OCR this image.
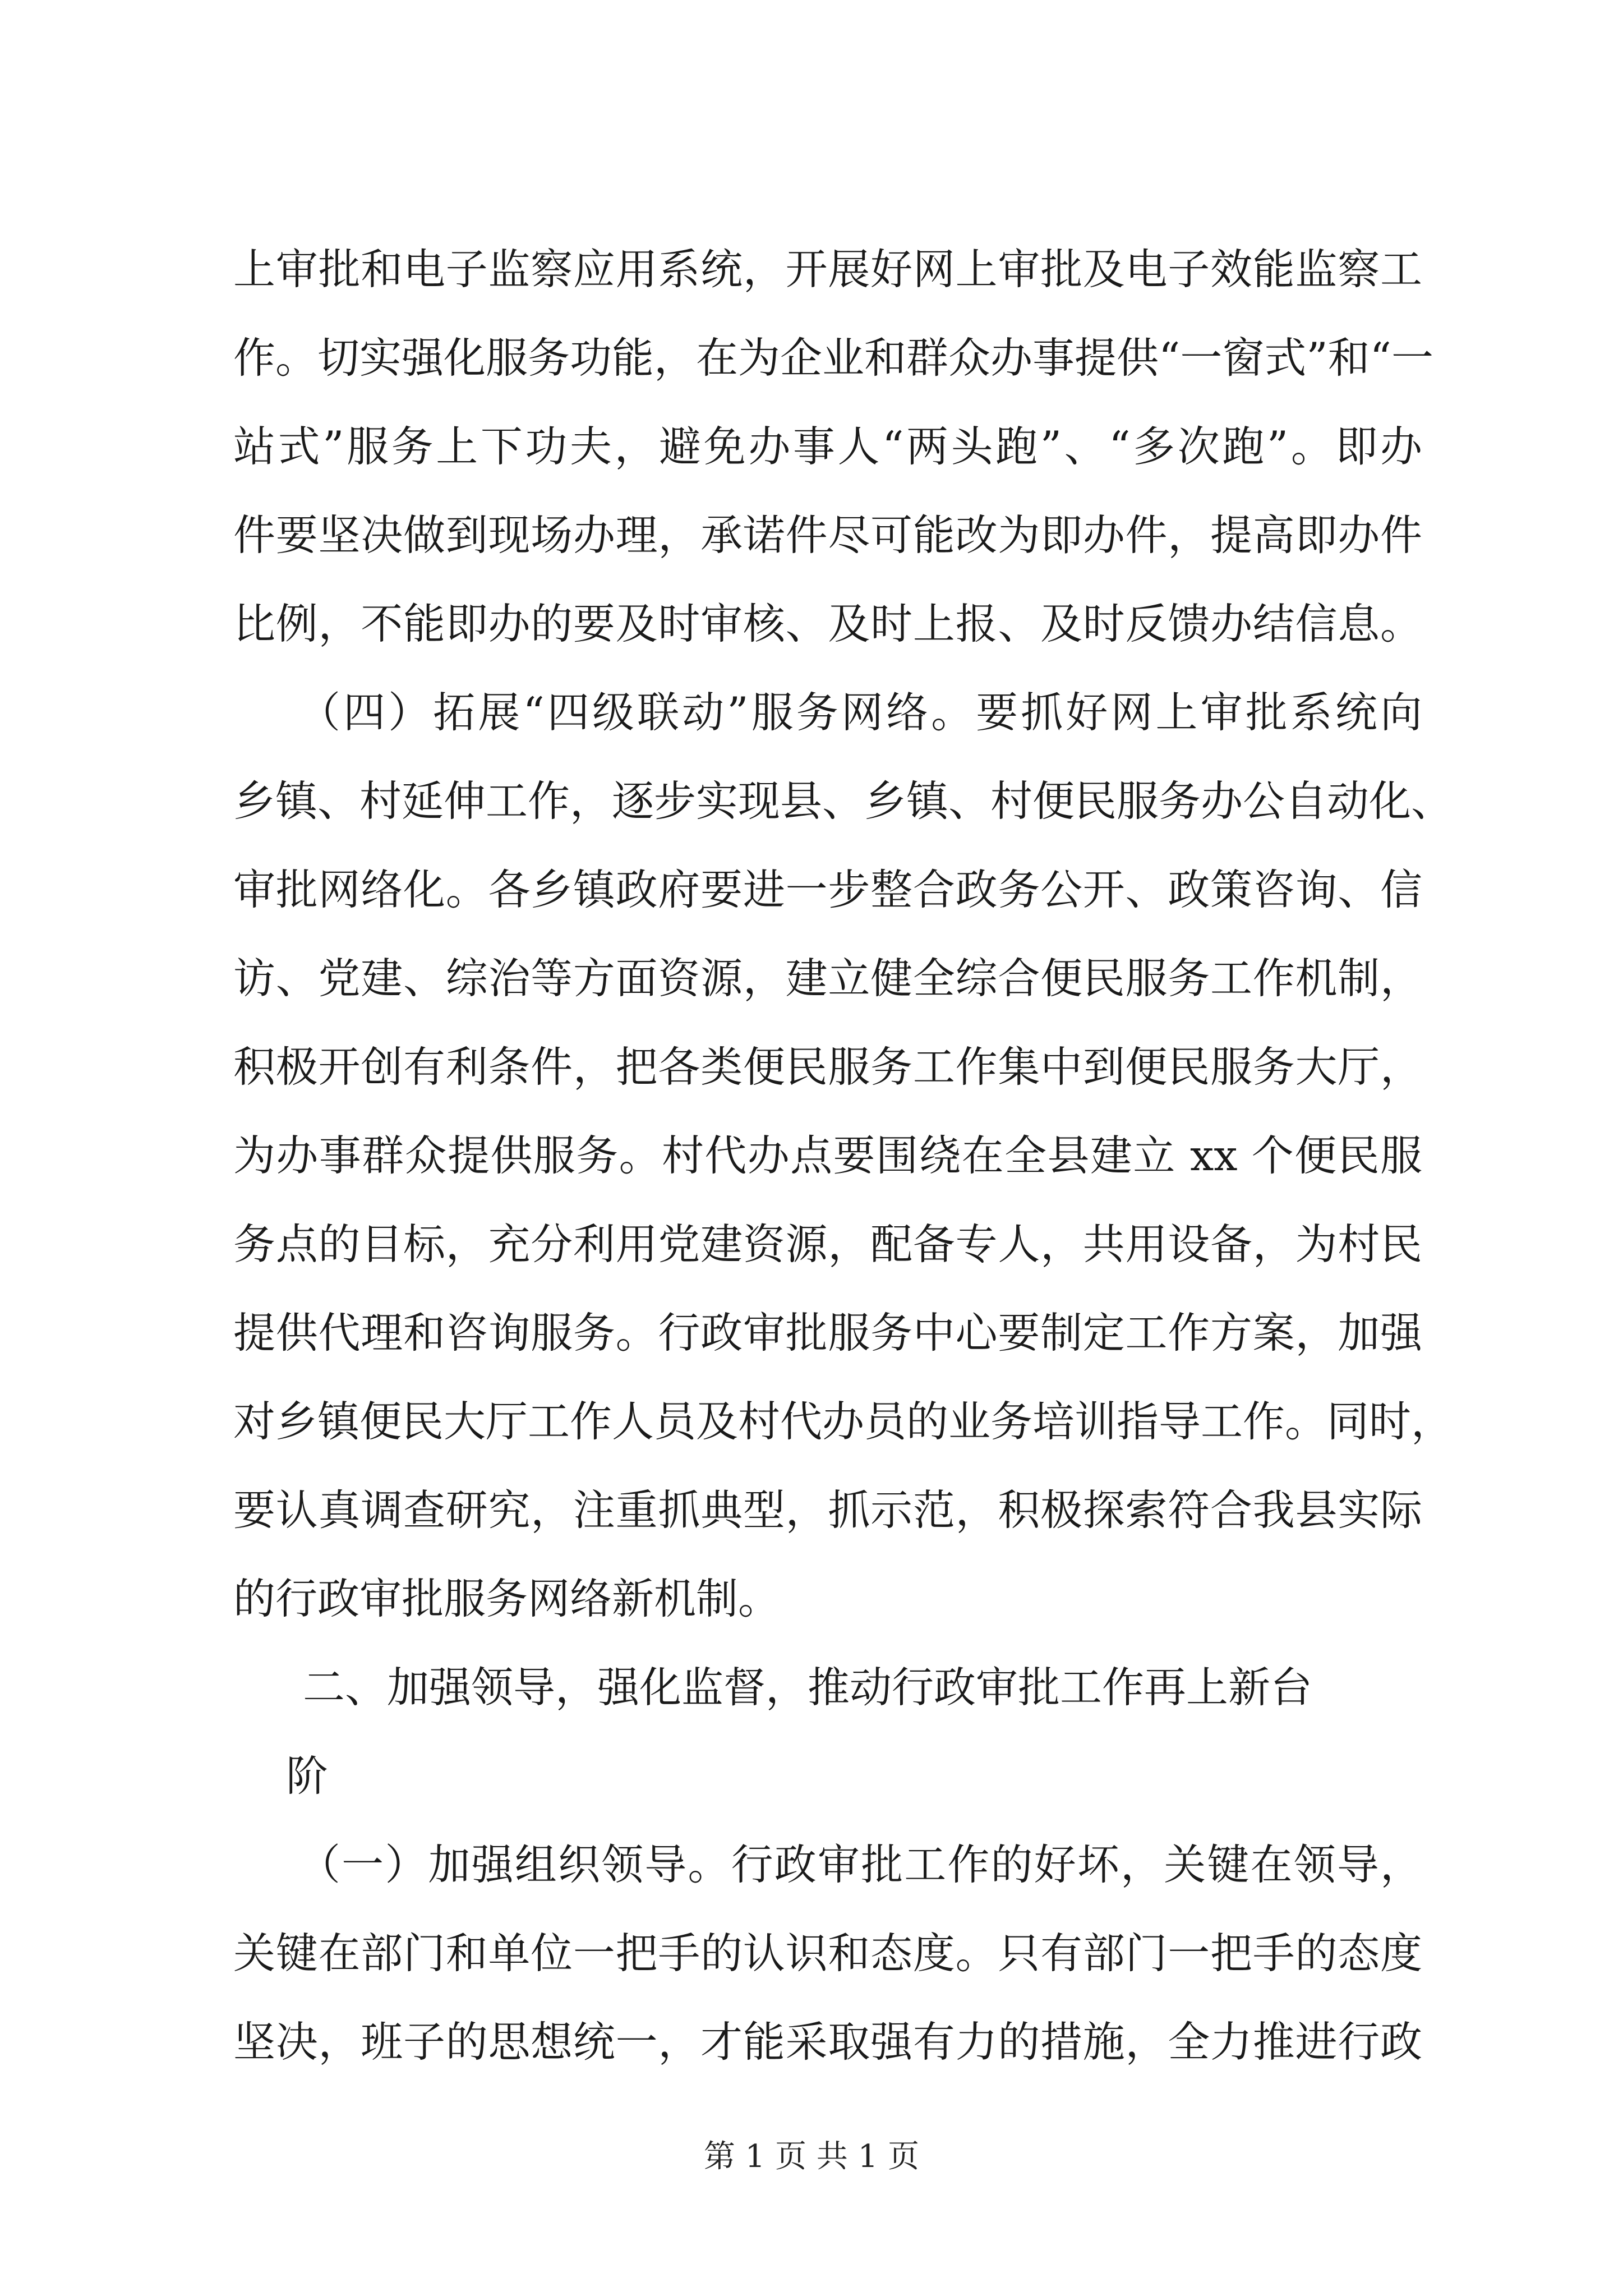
上审批和电子监察应用系统，开展好网上审批及电子效能监察工
作。切实强化服务功能，在为企业和群众办事提供“一窗式”和“一
站式”服务上下功夫，避免办事人“两头跑”、“多次跑”。即办
件要坚决做到现场办理，承诺件尽可能改为即办件，提高即办件
比例，不能即办的要及时审核、及时上报、及时反馈办结信息。
（四）拓展“四级联动”服务网络。要抓好网上审批系统向
乡镇、村延伸工作，逐步实现县、乡镇、村便民服务办公自动化、
审批网络化。各乡镇政府要进一步整合政务公开、政策咨询、信
访、党建、综治等方面资源，建立健全综合便民服务工作机制，
积极开创有利条件，把各类便民服务工作集中到便民服务大厅，
为办事群众提供服务。村代办点要围绕在全县建立 xx 个便民服
务点的目标，充分利用党建资源，配备专人，共用设备，为村民
提供代理和咨询服务。行政审批服务中心要制定工作方案，加强
对乡镇便民大厅工作人员及村代办员的业务培训指导工作。同时，
要认真调查研究，注重抓典型，抓示范，积极探索符合我县实际
的行政审批服务网络新机制。
二、加强领导，强化监督，推动行政审批工作再上新台
阶
（一）加强组织领导。行政审批工作的好坏，关键在领导，
关键在部门和单位一把手的认识和态度。只有部门一把手的态度
坚决，班子的思想统一，才能采取强有力的措施，全力推进行政
第 1 页 共 1 页
